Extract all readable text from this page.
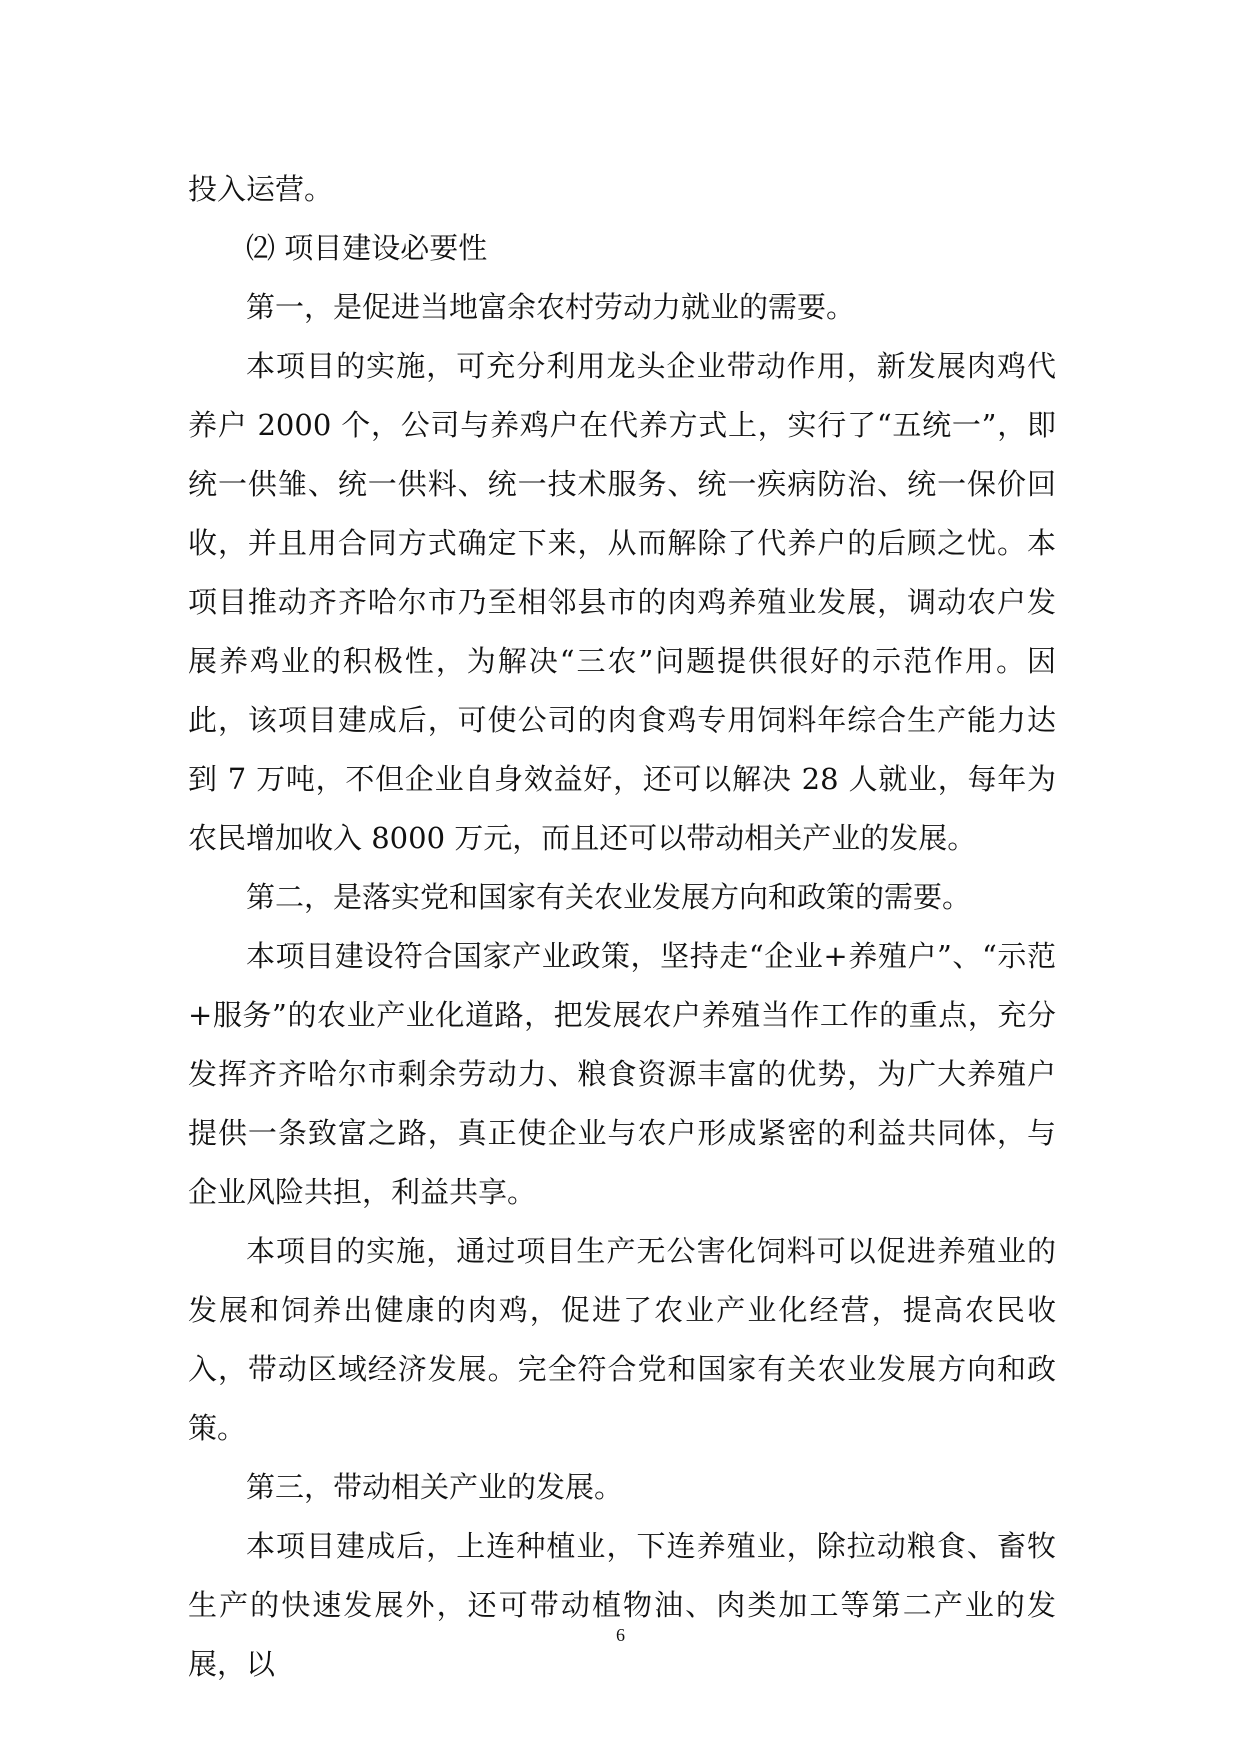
投入运营。

⑵ 项目建设必要性

第一，是促进当地富余农村劳动力就业的需要。

本项目的实施，可充分利用龙头企业带动作用，新发展肉鸡代养户 2000 个，公司与养鸡户在代养方式上，实行了“五统一”，即统一供雏、统一供料、统一技术服务、统一疾病防治、统一保价回收，并且用合同方式确定下来，从而解除了代养户的后顾之忧。本项目推动齐齐哈尔市乃至相邻县市的肉鸡养殖业发展，调动农户发展养鸡业的积极性，为解决“三农”问题提供很好的示范作用。因此，该项目建成后，可使公司的肉食鸡专用饲料年综合生产能力达到 7 万吨，不但企业自身效益好，还可以解决 28 人就业，每年为农民增加收入 8000 万元，而且还可以带动相关产业的发展。

第二，是落实党和国家有关农业发展方向和政策的需要。

本项目建设符合国家产业政策，坚持走“企业+养殖户”、“示范+服务”的农业产业化道路，把发展农户养殖当作工作的重点，充分发挥齐齐哈尔市剩余劳动力、粮食资源丰富的优势，为广大养殖户提供一条致富之路，真正使企业与农户形成紧密的利益共同体，与企业风险共担，利益共享。

本项目的实施，通过项目生产无公害化饲料可以促进养殖业的发展和饲养出健康的肉鸡，促进了农业产业化经营，提高农民收入，带动区域经济发展。完全符合党和国家有关农业发展方向和政策。

第三，带动相关产业的发展。

本项目建成后，上连种植业，下连养殖业，除拉动粮食、畜牧生产的快速发展外，还可带动植物油、肉类加工等第二产业的发展，以

6
